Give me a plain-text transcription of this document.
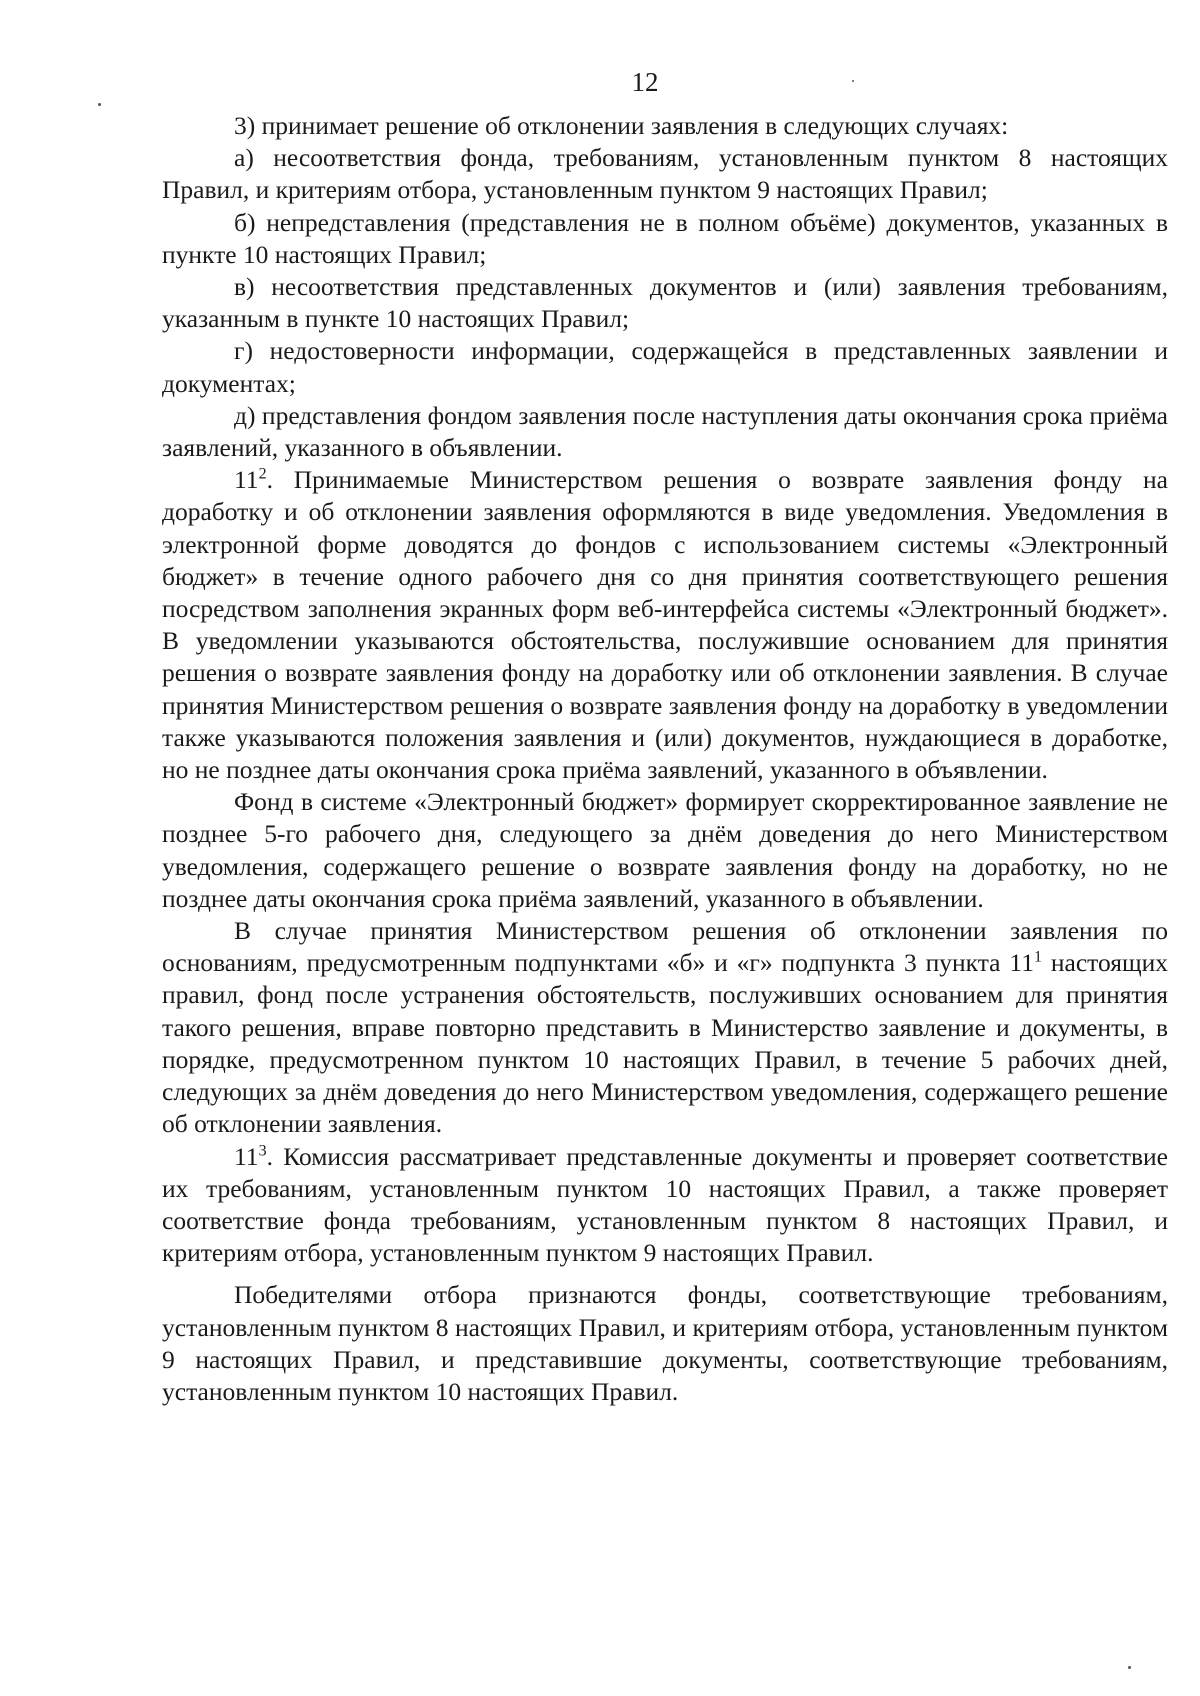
12

3) принимает решение об отклонении заявления в следующих случаях:

а) несоответствия фонда, требованиям, установленным пунктом 8 настоящих Правил, и критериям отбора, установленным пунктом 9 настоящих Правил;

б) непредставления (представления не в полном объёме) документов, указанных в пункте 10 настоящих Правил;

в) несоответствия представленных документов и (или) заявления требованиям, указанным в пункте 10 настоящих Правил;

г) недостоверности информации, содержащейся в представленных заявлении и документах;

д) представления фондом заявления после наступления даты окончания срока приёма заявлений, указанного в объявлении.

$11^2$. Принимаемые Министерством решения о возврате заявления фонду на доработку и об отклонении заявления оформляются в виде уведомления. Уведомления в электронной форме доводятся до фондов с использованием системы «Электронный бюджет» в течение одного рабочего дня со дня принятия соответствующего решения посредством заполнения экранных форм веб-интерфейса системы «Электронный бюджет». В уведомлении указываются обстоятельства, послужившие основанием для принятия решения о возврате заявления фонду на доработку или об отклонении заявления. В случае принятия Министерством решения о возврате заявления фонду на доработку в уведомлении также указываются положения заявления и (или) документов, нуждающиеся в доработке, но не позднее даты окончания срока приёма заявлений, указанного в объявлении.

Фонд в системе «Электронный бюджет» формирует скорректированное заявление не позднее 5-го рабочего дня, следующего за днём доведения до него Министерством уведомления, содержащего решение о возврате заявления фонду на доработку, но не позднее даты окончания срока приёма заявлений, указанного в объявлении.

В случае принятия Министерством решения об отклонении заявления по основаниям, предусмотренным подпунктами «б» и «г» подпункта 3 пункта $11^1$ настоящих правил, фонд после устранения обстоятельств, послуживших основанием для принятия такого решения, вправе повторно представить в Министерство заявление и документы, в порядке, предусмотренном пунктом 10 настоящих Правил, в течение 5 рабочих дней, следующих за днём доведения до него Министерством уведомления, содержащего решение об отклонении заявления.

$11^3$. Комиссия рассматривает представленные документы и проверяет соответствие их требованиям, установленным пунктом 10 настоящих Правил, а также проверяет соответствие фонда требованиям, установленным пунктом 8 настоящих Правил, и критериям отбора, установленным пунктом 9 настоящих Правил.

Победителями отбора признаются фонды, соответствующие требованиям, установленным пунктом 8 настоящих Правил, и критериям отбора, установленным пунктом 9 настоящих Правил, и представившие документы, соответствующие требованиям, установленным пунктом 10 настоящих Правил.
